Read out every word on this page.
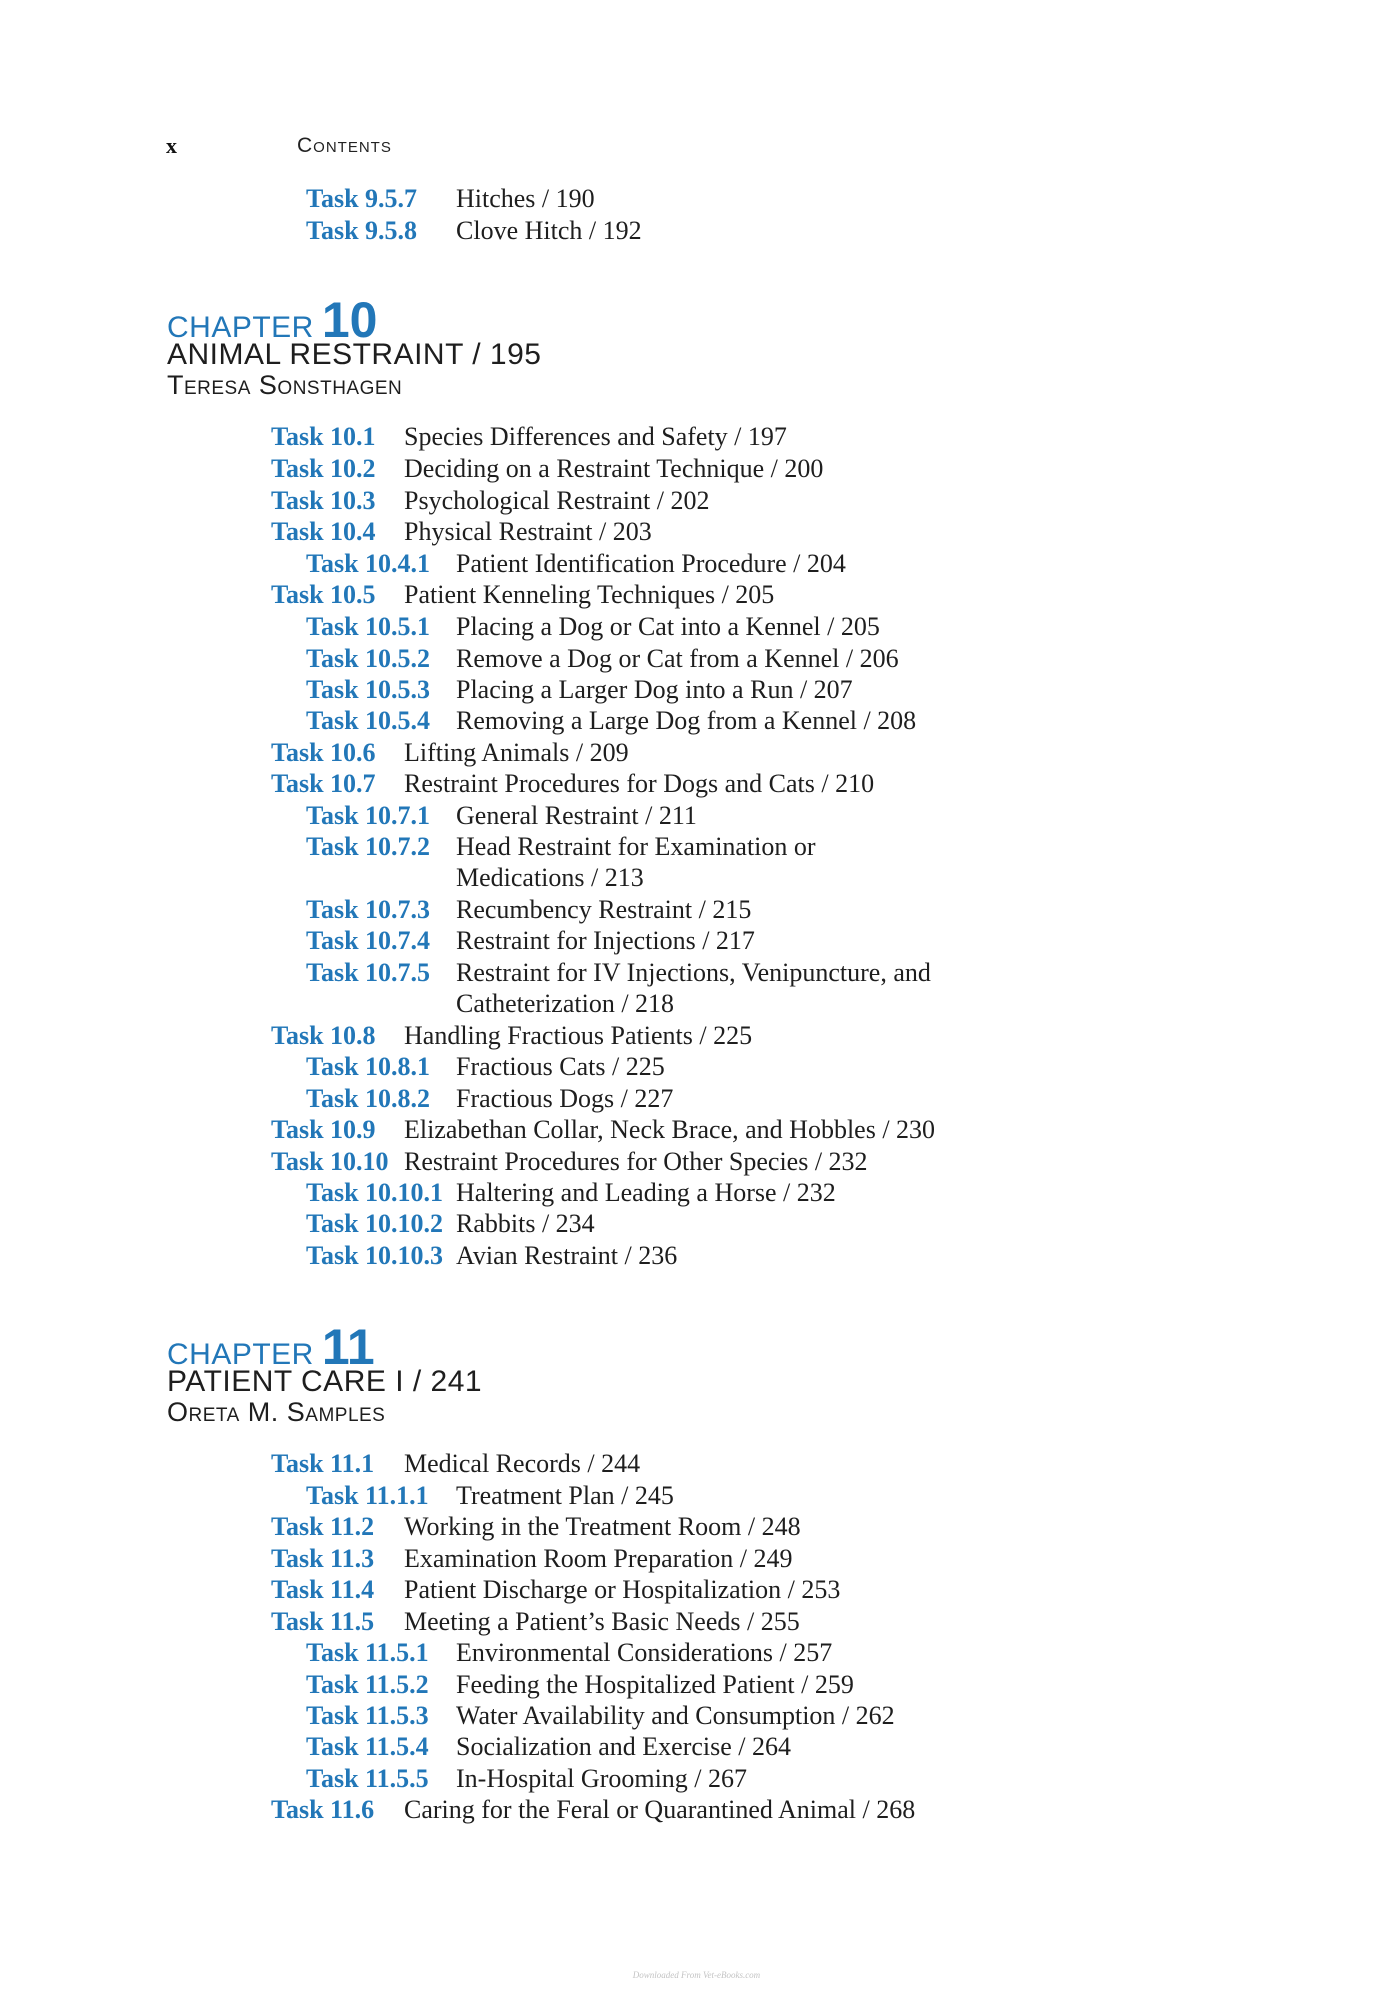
x	Contents
Task 9.5.7 Hitches / 190
Task 9.5.8 Clove Hitch / 192
CHAPTER 10
ANIMAL RESTRAINT / 195
Teresa Sonsthagen
Task 10.1 Species Differences and Safety / 197
Task 10.2 Deciding on a Restraint Technique / 200
Task 10.3 Psychological Restraint / 202
Task 10.4 Physical Restraint / 203
Task 10.4.1 Patient Identification Procedure / 204
Task 10.5 Patient Kenneling Techniques / 205
Task 10.5.1 Placing a Dog or Cat into a Kennel / 205
Task 10.5.2 Remove a Dog or Cat from a Kennel / 206
Task 10.5.3 Placing a Larger Dog into a Run / 207
Task 10.5.4 Removing a Large Dog from a Kennel / 208
Task 10.6 Lifting Animals / 209
Task 10.7 Restraint Procedures for Dogs and Cats / 210
Task 10.7.1 General Restraint / 211
Task 10.7.2 Head Restraint for Examination or
Medications / 213
Task 10.7.3 Recumbency Restraint / 215
Task 10.7.4 Restraint for Injections / 217
Task 10.7.5 Restraint for IV Injections, Venipuncture, and
Catheterization / 218
Task 10.8 Handling Fractious Patients / 225
Task 10.8.1 Fractious Cats / 225
Task 10.8.2 Fractious Dogs / 227
Task 10.9 Elizabethan Collar, Neck Brace, and Hobbles / 230
Task 10.10 Restraint Procedures for Other Species / 232
Task 10.10.1 Haltering and Leading a Horse / 232
Task 10.10.2 Rabbits / 234
Task 10.10.3 Avian Restraint / 236
CHAPTER 11
PATIENT CARE I / 241
Oreta M. Samples
Task 11.1 Medical Records / 244
Task 11.1.1 Treatment Plan / 245
Task 11.2 Working in the Treatment Room / 248
Task 11.3 Examination Room Preparation / 249
Task 11.4 Patient Discharge or Hospitalization / 253
Task 11.5 Meeting a Patient’s Basic Needs / 255
Task 11.5.1 Environmental Considerations / 257
Task 11.5.2 Feeding the Hospitalized Patient / 259
Task 11.5.3 Water Availability and Consumption / 262
Task 11.5.4 Socialization and Exercise / 264
Task 11.5.5 In-Hospital Grooming / 267
Task 11.6 Caring for the Feral or Quarantined Animal / 268
Downloaded From Vet-eBooks.com
